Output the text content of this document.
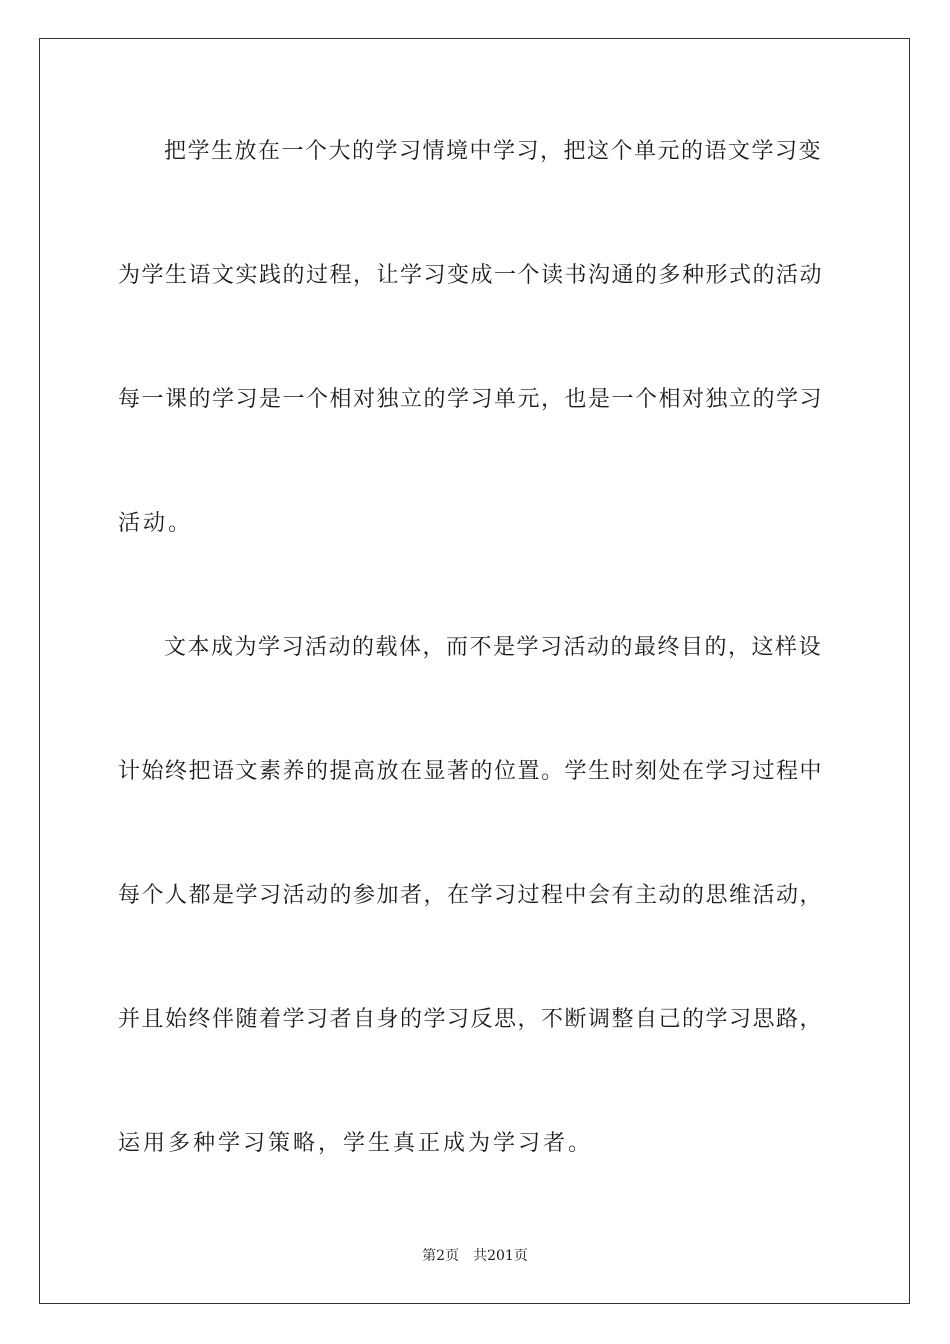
把学生放在一个大的学习情境中学习，把这个单元的语文学习变
为学生语文实践的过程，让学习变成一个读书沟通的多种形式的活动
每一课的学习是一个相对独立的学习单元，也是一个相对独立的学习
活动。
文本成为学习活动的载体，而不是学习活动的最终目的，这样设
计始终把语文素养的提高放在显著的位置。学生时刻处在学习过程中
每个人都是学习活动的参加者，在学习过程中会有主动的思维活动，
并且始终伴随着学习者自身的学习反思，不断调整自己的学习思路，
运用多种学习策略，学生真正成为学习者。
第2页 共201页
